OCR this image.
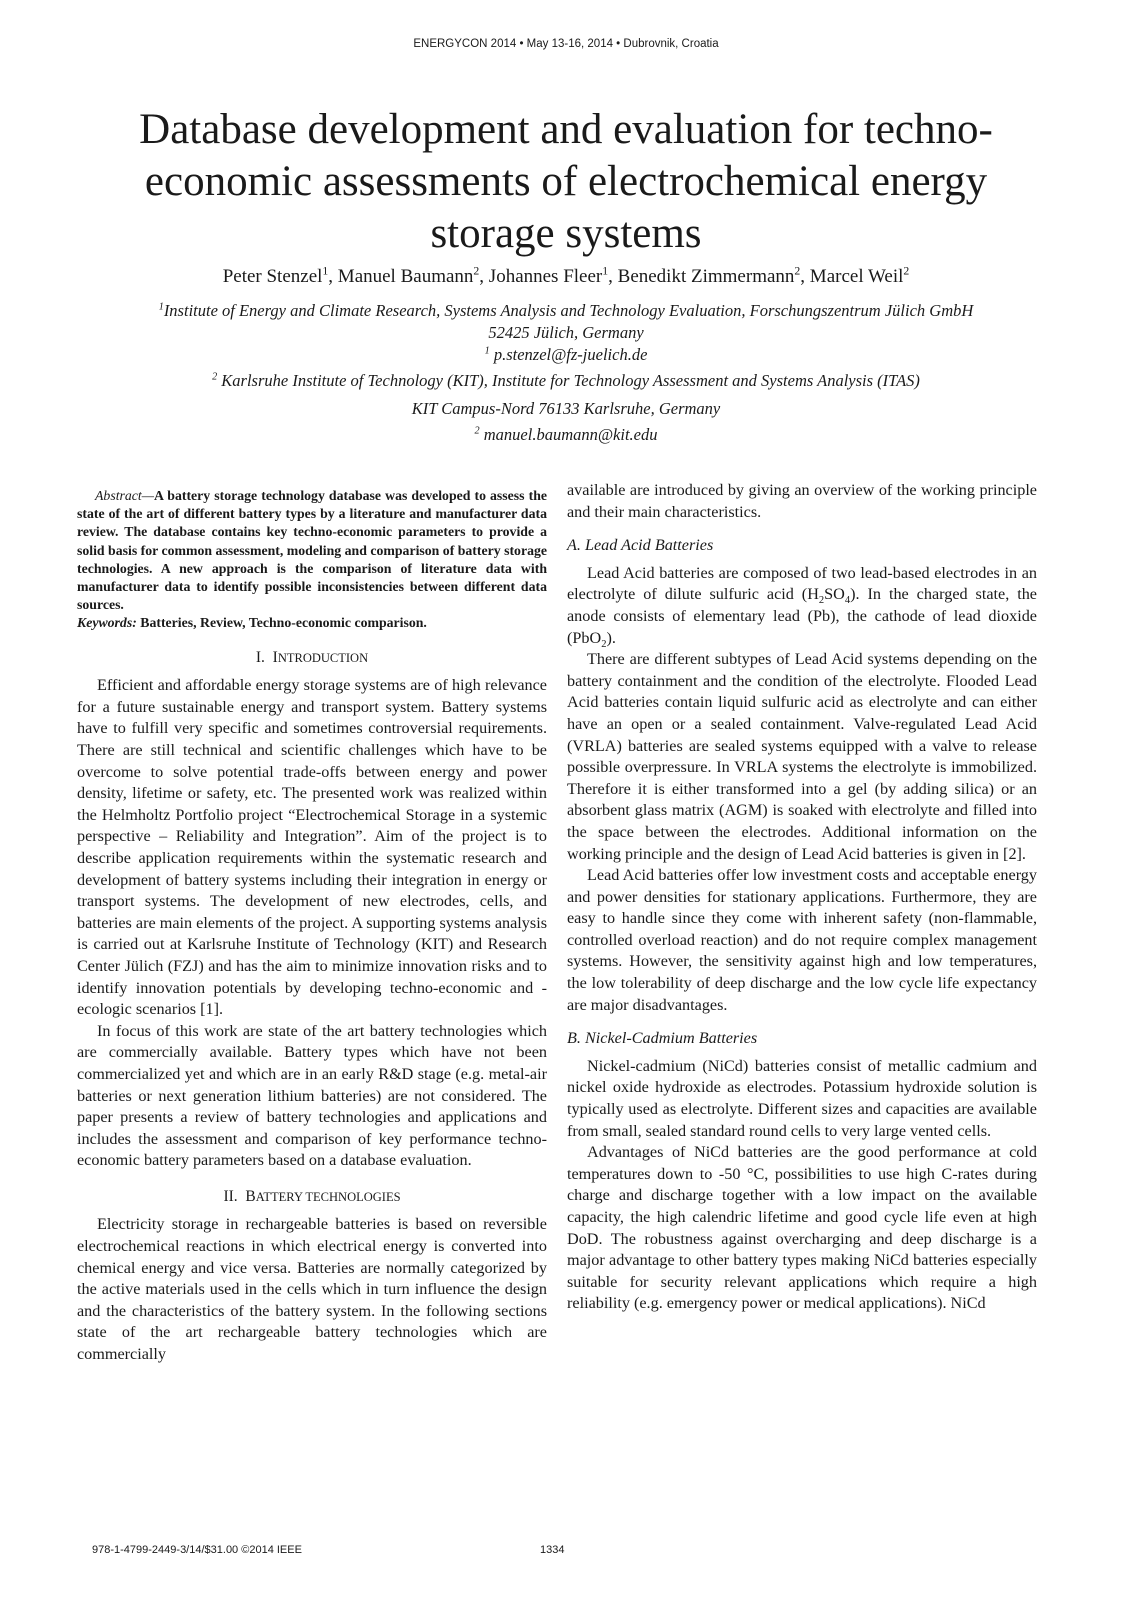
ENERGYCON 2014 • May 13-16, 2014 • Dubrovnik, Croatia
Database development and evaluation for techno-economic assessments of electrochemical energy storage systems
Peter Stenzel$^1$, Manuel Baumann$^2$, Johannes Fleer$^1$, Benedikt Zimmermann$^2$, Marcel Weil$^2$
$^1$Institute of Energy and Climate Research, Systems Analysis and Technology Evaluation, Forschungszentrum Jülich GmbH
52425 Jülich, Germany
$^1$ p.stenzel@fz-juelich.de
$^2$ Karlsruhe Institute of Technology (KIT), Institute for Technology Assessment and Systems Analysis (ITAS)
KIT Campus-Nord 76133 Karlsruhe, Germany
$^2$ manuel.baumann@kit.edu

Abstract—A battery storage technology database was developed to assess the state of the art of different battery types by a literature and manufacturer data review. The database contains key techno-economic parameters to provide a solid basis for common assessment, modeling and comparison of battery storage technologies. A new approach is the comparison of literature data with manufacturer data to identify possible inconsistencies between different data sources.

Keywords: Batteries, Review, Techno-economic comparison.

I. INTRODUCTION

Efficient and affordable energy storage systems are of high relevance for a future sustainable energy and transport system. Battery systems have to fulfill very specific and sometimes controversial requirements. There are still technical and scientific challenges which have to be overcome to solve potential trade-offs between energy and power density, lifetime or safety, etc. The presented work was realized within the Helmholtz Portfolio project “Electrochemical Storage in a systemic perspective – Reliability and Integration”. Aim of the project is to describe application requirements within the systematic research and development of battery systems including their integration in energy or transport systems. The development of new electrodes, cells, and batteries are main elements of the project. A supporting systems analysis is carried out at Karlsruhe Institute of Technology (KIT) and Research Center Jülich (FZJ) and has the aim to minimize innovation risks and to identify innovation potentials by developing techno-economic and -ecologic scenarios [1].

In focus of this work are state of the art battery technologies which are commercially available. Battery types which have not been commercialized yet and which are in an early R&D stage (e.g. metal-air batteries or next generation lithium batteries) are not considered. The paper presents a review of battery technologies and applications and includes the assessment and comparison of key performance techno-economic battery parameters based on a database evaluation.

II. BATTERY TECHNOLOGIES

Electricity storage in rechargeable batteries is based on reversible electrochemical reactions in which electrical energy is converted into chemical energy and vice versa. Batteries are normally categorized by the active materials used in the cells which in turn influence the design and the characteristics of the battery system. In the following sections state of the art rechargeable battery technologies which are commercially

available are introduced by giving an overview of the working principle and their main characteristics.

A. Lead Acid Batteries

Lead Acid batteries are composed of two lead-based electrodes in an electrolyte of dilute sulfuric acid $(H_2SO_4)$. In the charged state, the anode consists of elementary lead (Pb), the cathode of lead dioxide (PbO$_2$).

There are different subtypes of Lead Acid systems depending on the battery containment and the condition of the electrolyte. Flooded Lead Acid batteries contain liquid sulfuric acid as electrolyte and can either have an open or a sealed containment. Valve-regulated Lead Acid (VRLA) batteries are sealed systems equipped with a valve to release possible overpressure. In VRLA systems the electrolyte is immobilized. Therefore it is either transformed into a gel (by adding silica) or an absorbent glass matrix (AGM) is soaked with electrolyte and filled into the space between the electrodes. Additional information on the working principle and the design of Lead Acid batteries is given in [2].

Lead Acid batteries offer low investment costs and acceptable energy and power densities for stationary applications. Furthermore, they are easy to handle since they come with inherent safety (non-flammable, controlled overload reaction) and do not require complex management systems. However, the sensitivity against high and low temperatures, the low tolerability of deep discharge and the low cycle life expectancy are major disadvantages.

B. Nickel-Cadmium Batteries

Nickel-cadmium (NiCd) batteries consist of metallic cadmium and nickel oxide hydroxide as electrodes. Potassium hydroxide solution is typically used as electrolyte. Different sizes and capacities are available from small, sealed standard round cells to very large vented cells.

Advantages of NiCd batteries are the good performance at cold temperatures down to -50 °C, possibilities to use high C-rates during charge and discharge together with a low impact on the available capacity, the high calendric lifetime and good cycle life even at high DoD. The robustness against overcharging and deep discharge is a major advantage to other battery types making NiCd batteries especially suitable for security relevant applications which require a high reliability (e.g. emergency power or medical applications). NiCd

978-1-4799-2449-3/14/$31.00 ©2014 IEEE	1334
